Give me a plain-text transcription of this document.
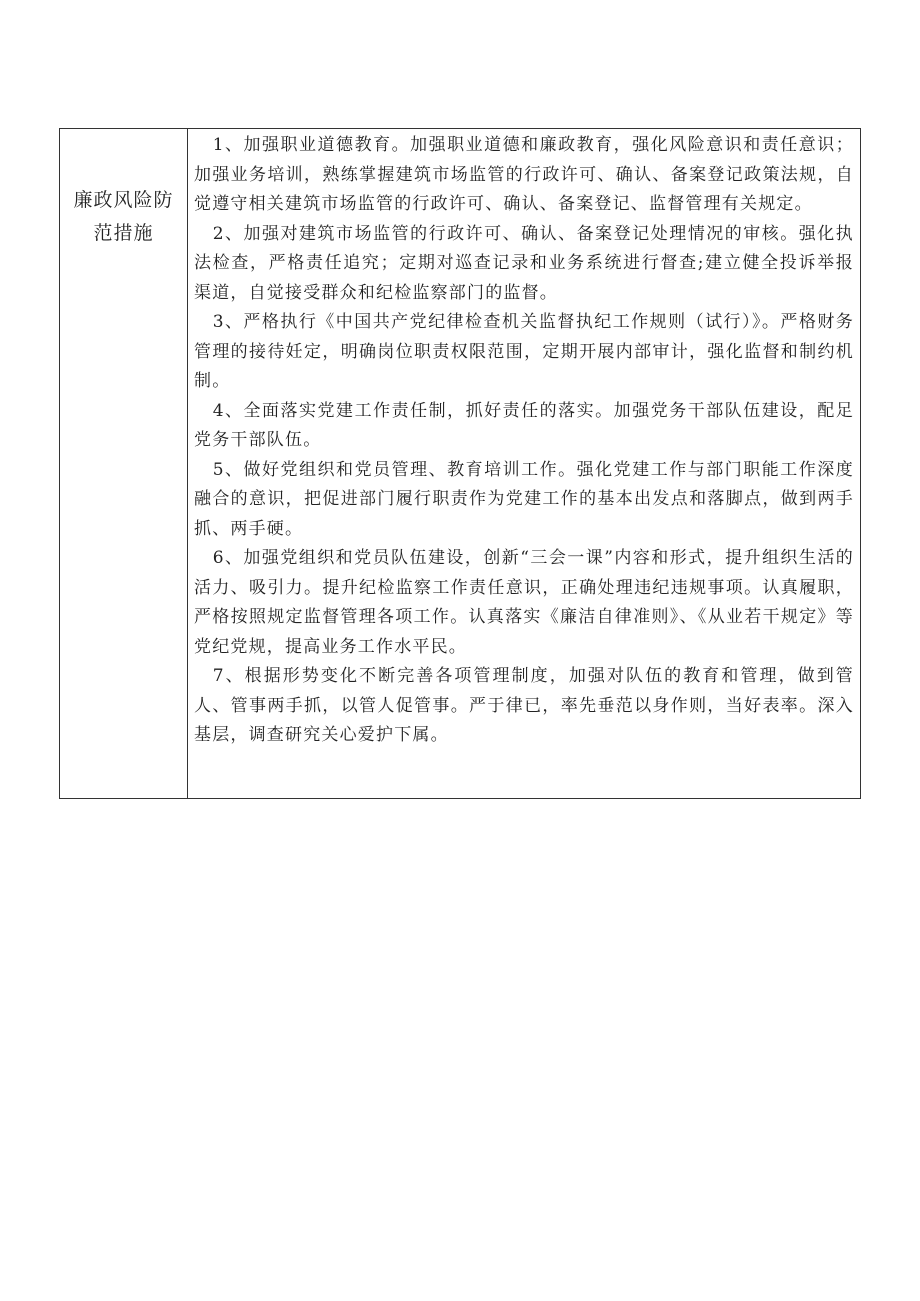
廉政风险防范措施

1、加强职业道德教育。加强职业道德和廉政教育，强化风险意识和责任意识；加强业务培训，熟练掌握建筑市场监管的行政许可、确认、备案登记政策法规，自觉遵守相关建筑市场监管的行政许可、确认、备案登记、监督管理有关规定。

2、加强对建筑市场监管的行政许可、确认、备案登记处理情况的审核。强化执法检查，严格责任追究；定期对巡查记录和业务系统进行督查;建立健全投诉举报渠道，自觉接受群众和纪检监察部门的监督。

3、严格执行《中国共产党纪律检查机关监督执纪工作规则（试行）》。严格财务管理的接待妊定，明确岗位职责权限范围，定期开展内部审计，强化监督和制约机制。

4、全面落实党建工作责任制，抓好责任的落实。加强党务干部队伍建设，配足党务干部队伍。

5、做好党组织和党员管理、教育培训工作。强化党建工作与部门职能工作深度融合的意识，把促进部门履行职责作为党建工作的基本出发点和落脚点，做到两手抓、两手硬。

6、加强党组织和党员队伍建设，创新“三会一课”内容和形式，提升组织生活的活力、吸引力。提升纪检监察工作责任意识，正确处理违纪违规事项。认真履职，严格按照规定监督管理各项工作。认真落实《廉洁自律准则》、《从业若干规定》等党纪党规，提高业务工作水平民。

7、根据形势变化不断完善各项管理制度，加强对队伍的教育和管理，做到管人、管事两手抓，以管人促管事。严于律已，率先垂范以身作则，当好表率。深入基层，调查研究关心爱护下属。
